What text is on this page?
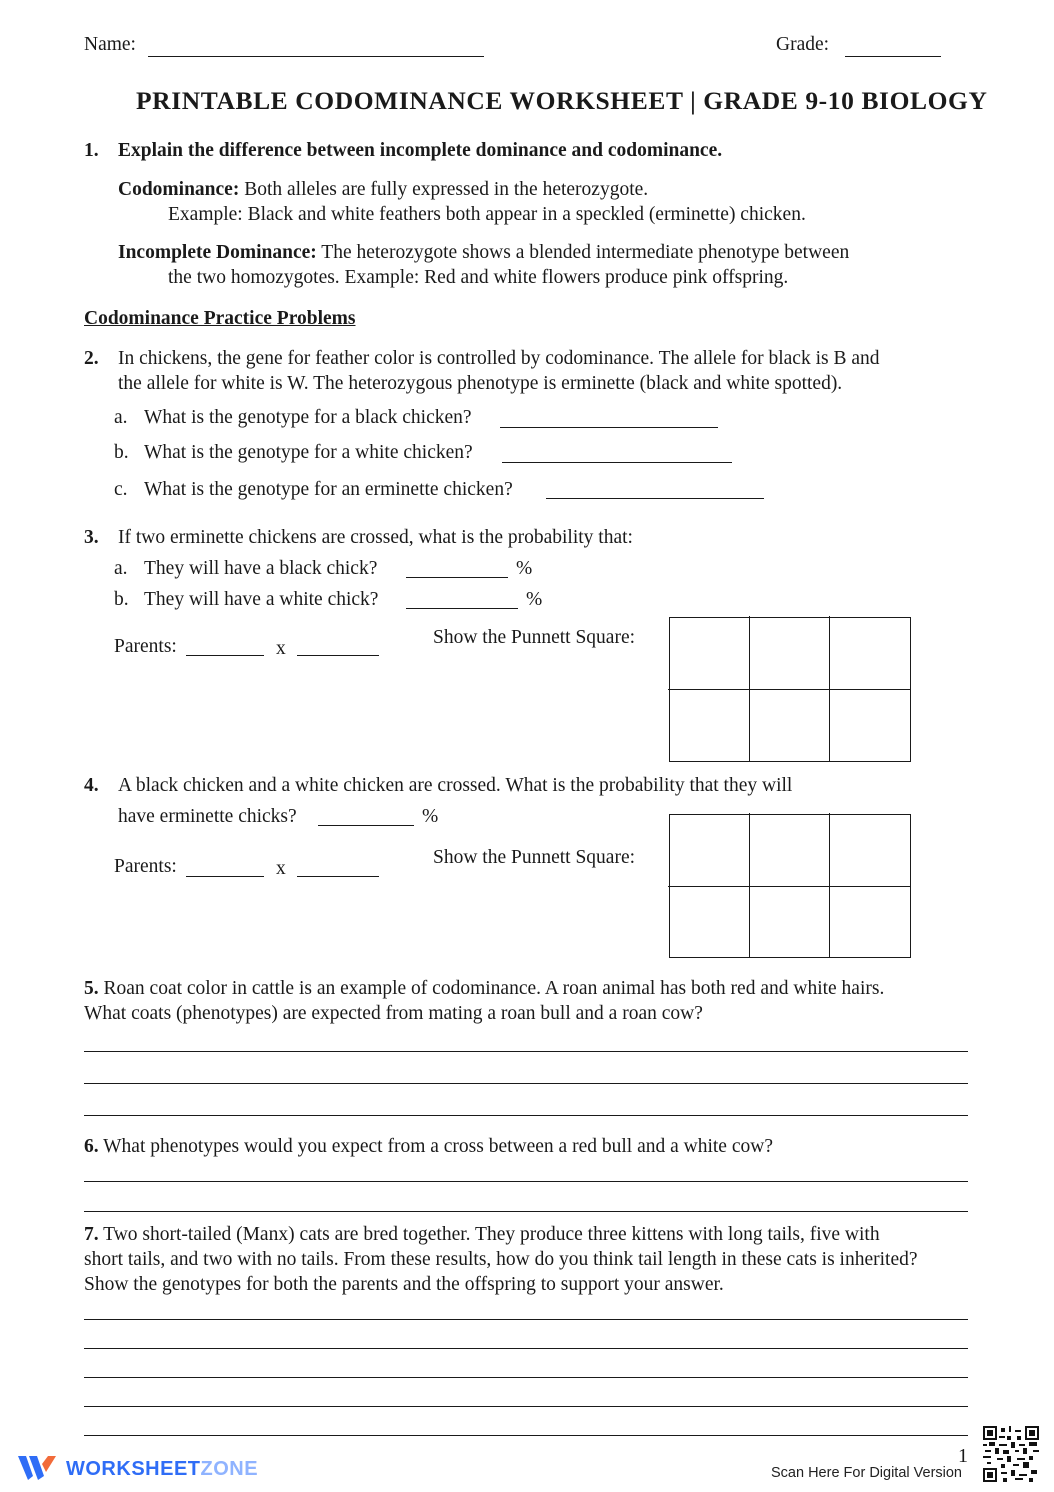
Name:	Grade:
PRINTABLE CODOMINANCE WORKSHEET | GRADE 9-10 BIOLOGY
1. Explain the difference between incomplete dominance and codominance.
Codominance: Both alleles are fully expressed in the heterozygote.
Example: Black and white feathers both appear in a speckled (erminette) chicken.
Incomplete Dominance: The heterozygote shows a blended intermediate phenotype between
the two homozygotes. Example: Red and white flowers produce pink offspring.
Codominance Practice Problems
2. In chickens, the gene for feather color is controlled by codominance. The allele for black is B and
the allele for white is W. The heterozygous phenotype is erminette (black and white spotted).
a. What is the genotype for a black chicken?
b. What is the genotype for a white chicken?
c. What is the genotype for an erminette chicken?
3. If two erminette chickens are crossed, what is the probability that:
a. They will have a black chick?	%
b. They will have a white chick?	%
Parents:	x
Show the Punnett Square:
4. A black chicken and a white chicken are crossed. What is the probability that they will
have erminette chicks?	%
Parents:	x
Show the Punnett Square:
5. Roan coat color in cattle is an example of codominance. A roan animal has both red and white hairs.
What coats (phenotypes) are expected from mating a roan bull and a roan cow?
6. What phenotypes would you expect from a cross between a red bull and a white cow?
7. Two short-tailed (Manx) cats are bred together. They produce three kittens with long tails, five with
short tails, and two with no tails. From these results, how do you think tail length in these cats is inherited?
Show the genotypes for both the parents and the offspring to support your answer.
WORKSHEETZONE
1
Scan Here For Digital Version
